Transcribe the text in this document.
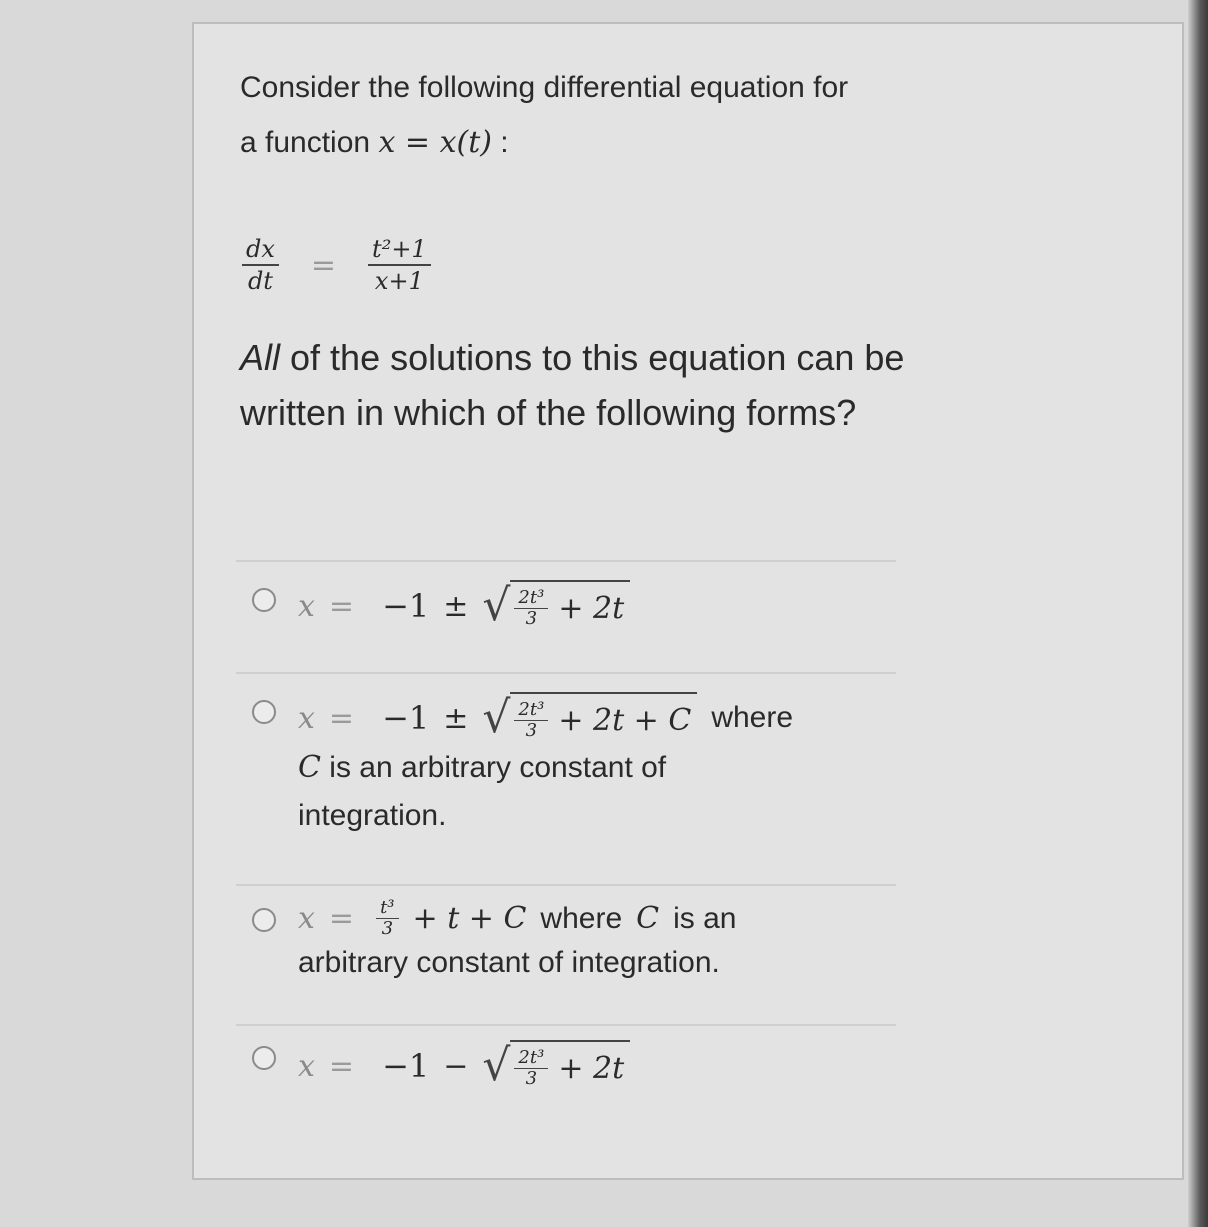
Consider the following differential equation for
a function x = x(t) :
$\frac{dx}{dt} = \frac{\text{t²+1}}{x+1}$
All of the solutions to this equation can be written in which of the following forms?
x = −1 ± √ $\frac{\text{2t³}}{3} + 2t$
x = −1 ± √ $\frac{\text{2t³}}{3} + 2t + C$ where
C is an arbitrary constant of
integration.
$x = \frac{\text{t³}}{3} + t + C$ where C is an
arbitrary constant of integration.
x = −1 − √ $\frac{\text{2t³}}{3} + 2t$
